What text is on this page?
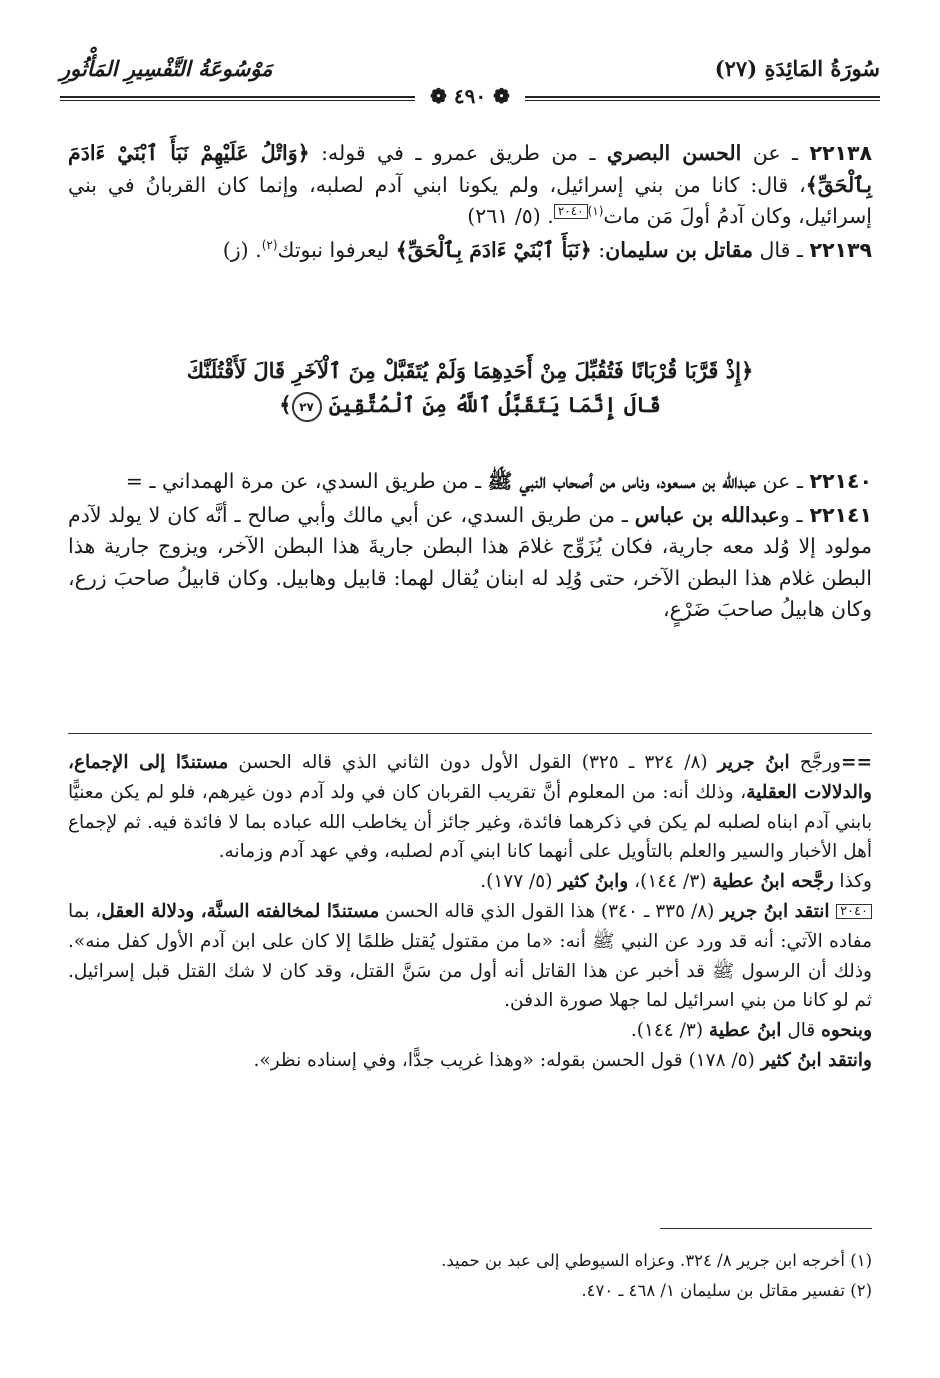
سُورَةُ المَائِدَةِ (٢٧)
مَوْسُوعَةُ التَّفْسِيرِ المَأْثُورِ
❁ ٤٩٠ ❁

٢٢١٣٨ ـ عن الحسن البصري ـ من طريق عمرو ـ في قوله: ﴿وَاتْلُ عَلَيْهِمْ نَبَأَ ٱبْنَيْ ءَادَمَ بِٱلْحَقِّ﴾، قال: كانا من بني إسرائيل، ولم يكونا ابني آدم لصلبه، وإنما كان القربانُ في بني إسرائيل، وكان آدمُ أولَ مَن مات$^{(١)}$٢٠٤٠. (٥/ ٢٦١)

٢٢١٣٩ ـ قال مقاتل بن سليمان: ﴿نَبَأَ ٱبْنَيْ ءَادَمَ بِٱلْحَقِّ﴾ ليعرفوا نبوتك$^{(٢)}$. (ز)

﴿إِذْ قَرَّبَا قُرْبَانًا فَتُقُبِّلَ مِنْ أَحَدِهِمَا وَلَمْ يُتَقَبَّلْ مِنَ ٱلْآخَرِ قَالَ لَأَقْتُلَنَّكَ
قَالَ إِنَّمَا يَتَقَبَّلُ ٱللَّهُ مِنَ ٱلْمُتَّقِينَ ٢٧﴾

٢٢١٤٠ ـ عن عبدالله بن مسعود، وناس من أصحاب النبي ﷺ ـ من طريق السدي، عن مرة الهمداني ـ =

٢٢١٤١ ـ وعبدالله بن عباس ـ من طريق السدي، عن أبي مالك وأبي صالح ـ أنَّه كان لا يولد لآدم مولود إلا وُلد معه جارية، فكان يُزَوِّج غلامَ هذا البطن جاريةَ هذا البطن الآخر، ويزوج جارية هذا البطن غلام هذا البطن الآخر، حتى وُلِد له ابنان يُقال لهما: قابيل وهابيل. وكان قابيلُ صاحبَ زرع، وكان هابيلُ صاحبَ ضَرْعٍ،

==ورجَّح ابنُ جرير (٨/ ٣٢٤ ـ ٣٢٥) القول الأول دون الثاني الذي قاله الحسن مستندًا إلى الإجماع، والدلالات العقلية، وذلك أنه: من المعلوم أنَّ تقريب القربان كان في ولد آدم دون غيرهم، فلو لم يكن معنيًّا بابني آدم ابناه لصلبه لم يكن في ذكرهما فائدة، وغير جائز أن يخاطب الله عباده بما لا فائدة فيه. ثم لإجماع أهل الأخبار والسير والعلم بالتأويل على أنهما كانا ابني آدم لصلبه، وفي عهد آدم وزمانه.

وكذا رجَّحه ابنُ عطية (٣/ ١٤٤)، وابنُ كثير (٥/ ١٧٧).

٢٠٤٠ انتقد ابنُ جرير (٨/ ٣٣٥ ـ ٣٤٠) هذا القول الذي قاله الحسن مستندًا لمخالفته السنَّة، ودلالة العقل، بما مفاده الآتي: أنه قد ورد عن النبي ﷺ أنه: «ما من مقتول يُقتل ظلمًا إلا كان على ابن آدم الأول كفل منه». وذلك أن الرسول ﷺ قد أخبر عن هذا القاتل أنه أول من سَنَّ القتل، وقد كان لا شك القتل قبل إسرائيل. ثم لو كانا من بني اسرائيل لما جهلا صورة الدفن.

وبنحوه قال ابنُ عطية (٣/ ١٤٤).

وانتقد ابنُ كثير (٥/ ١٧٨) قول الحسن بقوله: «وهذا غريب جدًّا، وفي إسناده نظر».

(١) أخرجه ابن جرير ٨/ ٣٢٤. وعزاه السيوطي إلى عبد بن حميد.

(٢) تفسير مقاتل بن سليمان ١/ ٤٦٨ ـ ٤٧٠.
